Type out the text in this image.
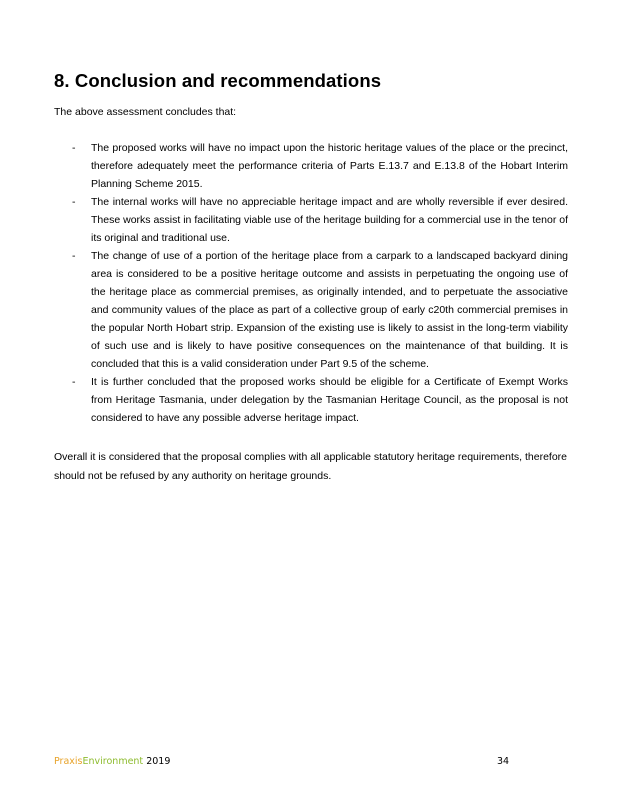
8. Conclusion and recommendations

The above assessment concludes that:

- The proposed works will have no impact upon the historic heritage values of the place or the precinct, therefore adequately meet the performance criteria of Parts E.13.7 and E.13.8 of the Hobart Interim Planning Scheme 2015.
- The internal works will have no appreciable heritage impact and are wholly reversible if ever desired. These works assist in facilitating viable use of the heritage building for a commercial use in the tenor of its original and traditional use.
- The change of use of a portion of the heritage place from a carpark to a landscaped backyard dining area is considered to be a positive heritage outcome and assists in perpetuating the ongoing use of the heritage place as commercial premises, as originally intended, and to perpetuate the associative and community values of the place as part of a collective group of early c20th commercial premises in the popular North Hobart strip. Expansion of the existing use is likely to assist in the long-term viability of such use and is likely to have positive consequences on the maintenance of that building. It is concluded that this is a valid consideration under Part 9.5 of the scheme.
- It is further concluded that the proposed works should be eligible for a Certificate of Exempt Works from Heritage Tasmania, under delegation by the Tasmanian Heritage Council, as the proposal is not considered to have any possible adverse heritage impact.

Overall it is considered that the proposal complies with all applicable statutory heritage requirements, therefore should not be refused by any authority on heritage grounds.

PraxisEnvironment 2019	34
